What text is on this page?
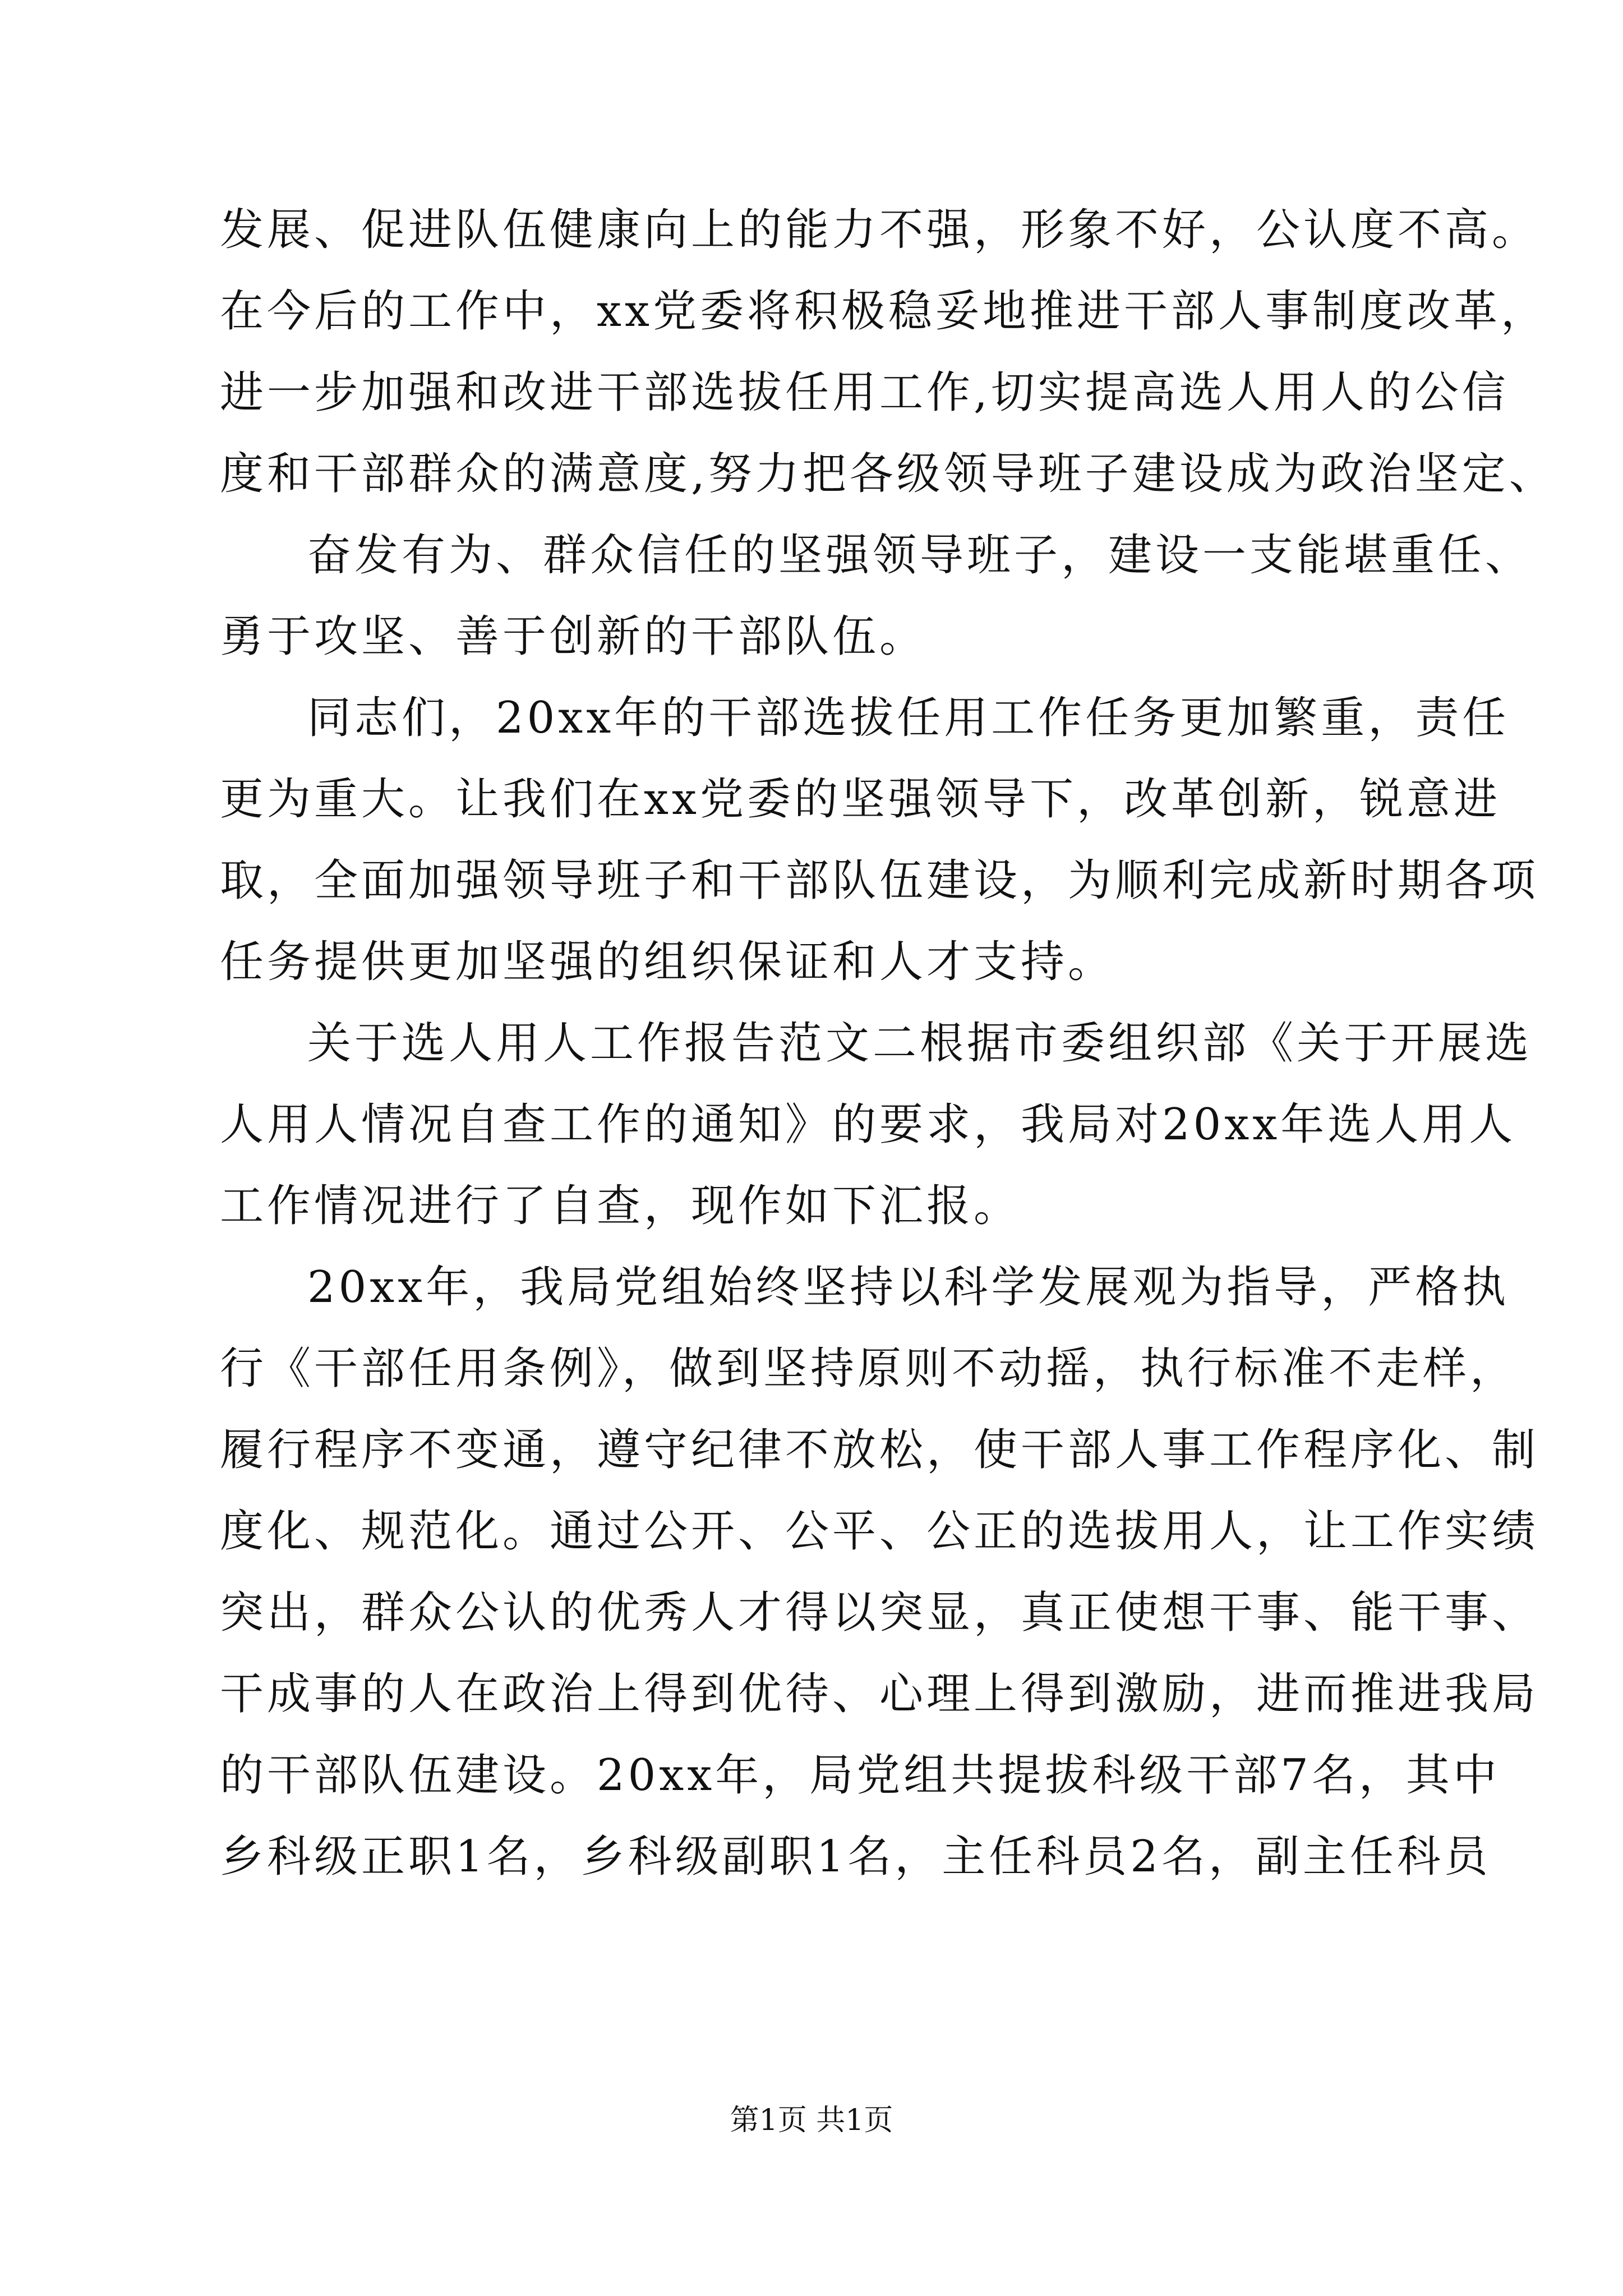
发展、促进队伍健康向上的能力不强，形象不好，公认度不高。
在今后的工作中，xx党委将积极稳妥地推进干部人事制度改革，
进一步加强和改进干部选拔任用工作,切实提高选人用人的公信
度和干部群众的满意度,努力把各级领导班子建设成为政治坚定、
奋发有为、群众信任的坚强领导班子，建设一支能堪重任、
勇于攻坚、善于创新的干部队伍。
同志们，20xx年的干部选拔任用工作任务更加繁重，责任
更为重大。让我们在xx党委的坚强领导下，改革创新，锐意进
取，全面加强领导班子和干部队伍建设，为顺利完成新时期各项
任务提供更加坚强的组织保证和人才支持。
关于选人用人工作报告范文二根据市委组织部《关于开展选
人用人情况自查工作的通知》的要求，我局对20xx年选人用人
工作情况进行了自查，现作如下汇报。
20xx年，我局党组始终坚持以科学发展观为指导，严格执
行《干部任用条例》，做到坚持原则不动摇，执行标准不走样，
履行程序不变通，遵守纪律不放松，使干部人事工作程序化、制
度化、规范化。通过公开、公平、公正的选拔用人，让工作实绩
突出，群众公认的优秀人才得以突显，真正使想干事、能干事、
干成事的人在政治上得到优待、心理上得到激励，进而推进我局
的干部队伍建设。20xx年，局党组共提拔科级干部7名，其中
乡科级正职1名，乡科级副职1名，主任科员2名，副主任科员
第1页 共1页
